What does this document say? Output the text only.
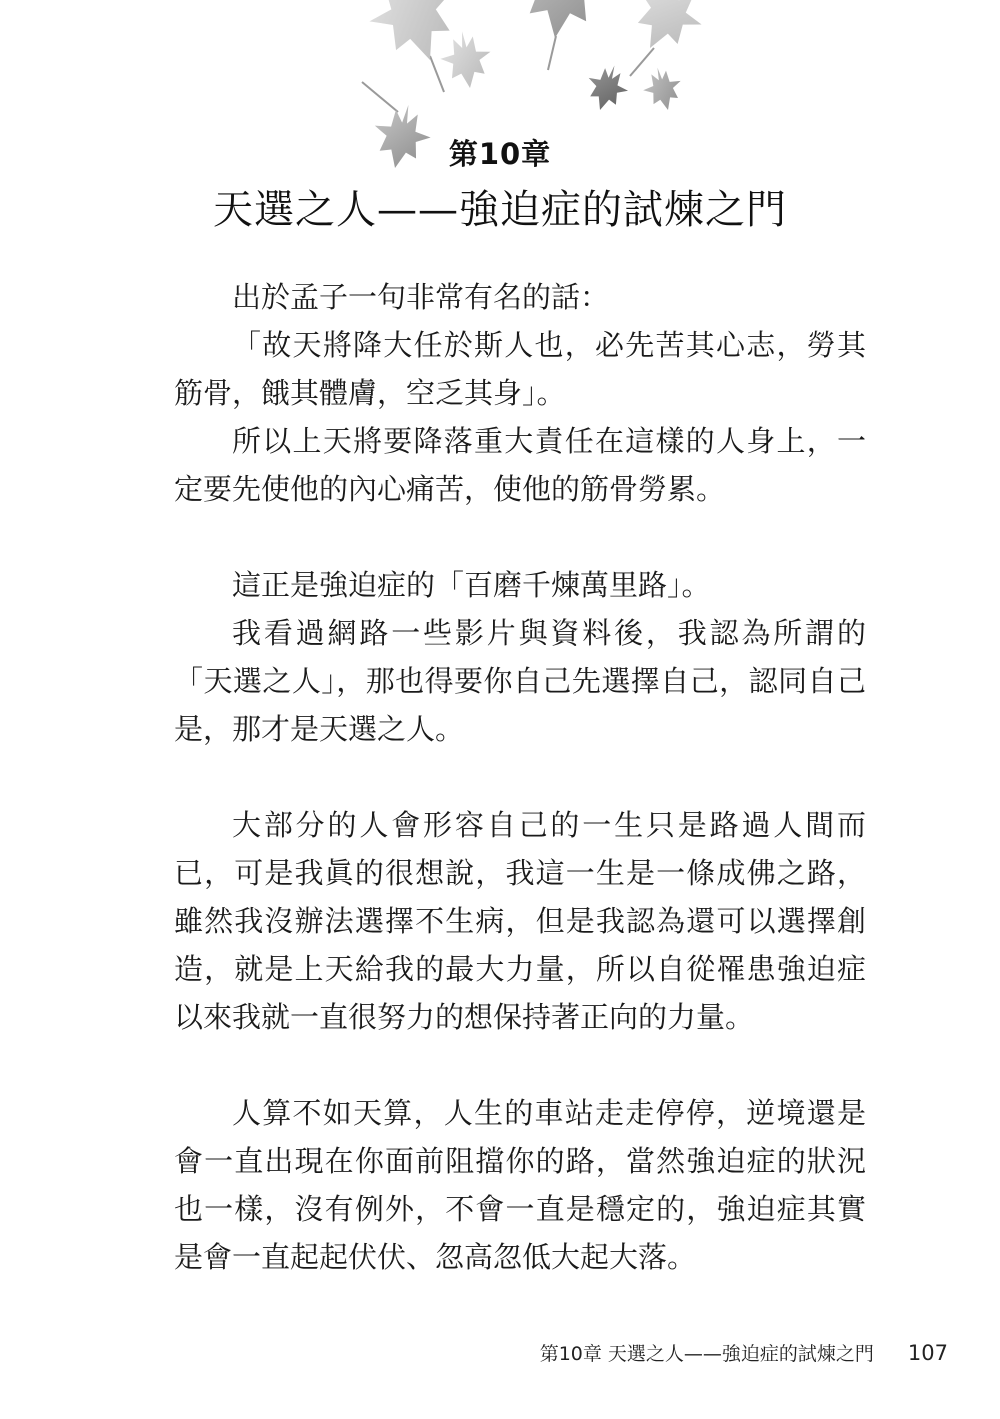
第10章
天選之人——強迫症的試煉之門

出於孟子一句非常有名的話：

「故天將降大任於斯人也，必先苦其心志，勞其筋骨，餓其體膚，空乏其身」。

所以上天將要降落重大責任在這樣的人身上，一定要先使他的內心痛苦，使他的筋骨勞累。

這正是強迫症的「百磨千煉萬里路」。

我看過網路一些影片與資料後，我認為所謂的「天選之人」，那也得要你自己先選擇自己，認同自己是，那才是天選之人。

大部分的人會形容自己的一生只是路過人間而已，可是我眞的很想說，我這一生是一條成佛之路，雖然我沒辦法選擇不生病，但是我認為還可以選擇創造，就是上天給我的最大力量，所以自從罹患強迫症以來我就一直很努力的想保持著正向的力量。

人算不如天算，人生的車站走走停停，逆境還是會一直出現在你面前阻擋你的路，當然強迫症的狀況也一樣，沒有例外，不會一直是穩定的，強迫症其實是會一直起起伏伏、忽高忽低大起大落。

第10章 天選之人——強迫症的試煉之門 107
